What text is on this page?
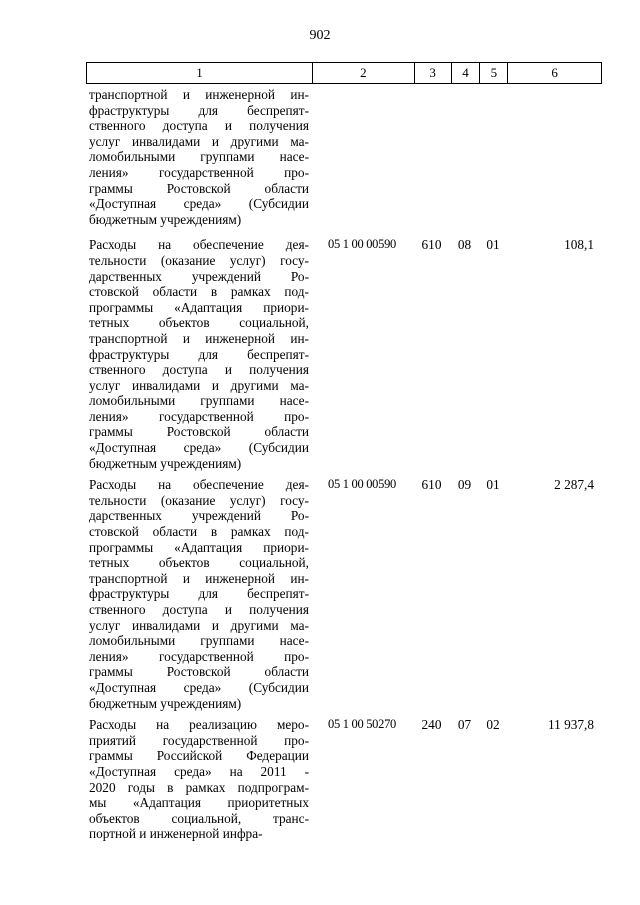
902
1	2	3	4	5	6
транспортной и инженерной ин-
фраструктуры для беспрепят-
ственного доступа и получения
услуг инвалидами и другими ма-
ломобильными группами насе-
ления» государственной про-
граммы Ростовской области
«Доступная среда» (Субсидии
бюджетным учреждениям)
Расходы на обеспечение дея-
тельности (оказание услуг) госу-
дарственных учреждений Ро-
стовской области в рамках под-
программы «Адаптация приори-
тетных объектов социальной,
транспортной и инженерной ин-
фраструктуры для беспрепят-
ственного доступа и получения
услуг инвалидами и другими ма-
ломобильными группами насе-
ления» государственной про-
граммы Ростовской области
«Доступная среда» (Субсидии
бюджетным учреждениям)
05 1 00 00590	610	08	01	108,1
Расходы на обеспечение дея-
тельности (оказание услуг) госу-
дарственных учреждений Ро-
стовской области в рамках под-
программы «Адаптация приори-
тетных объектов социальной,
транспортной и инженерной ин-
фраструктуры для беспрепят-
ственного доступа и получения
услуг инвалидами и другими ма-
ломобильными группами насе-
ления» государственной про-
граммы Ростовской области
«Доступная среда» (Субсидии
бюджетным учреждениям)
05 1 00 00590	610	09	01	2 287,4
Расходы на реализацию меро-
приятий государственной про-
граммы Российской Федерации
«Доступная среда» на 2011 -
2020 годы в рамках подпрограм-
мы «Адаптация приоритетных
объектов социальной, транс-
портной и инженерной инфра-
05 1 00 50270	240	07	02	11 937,8
